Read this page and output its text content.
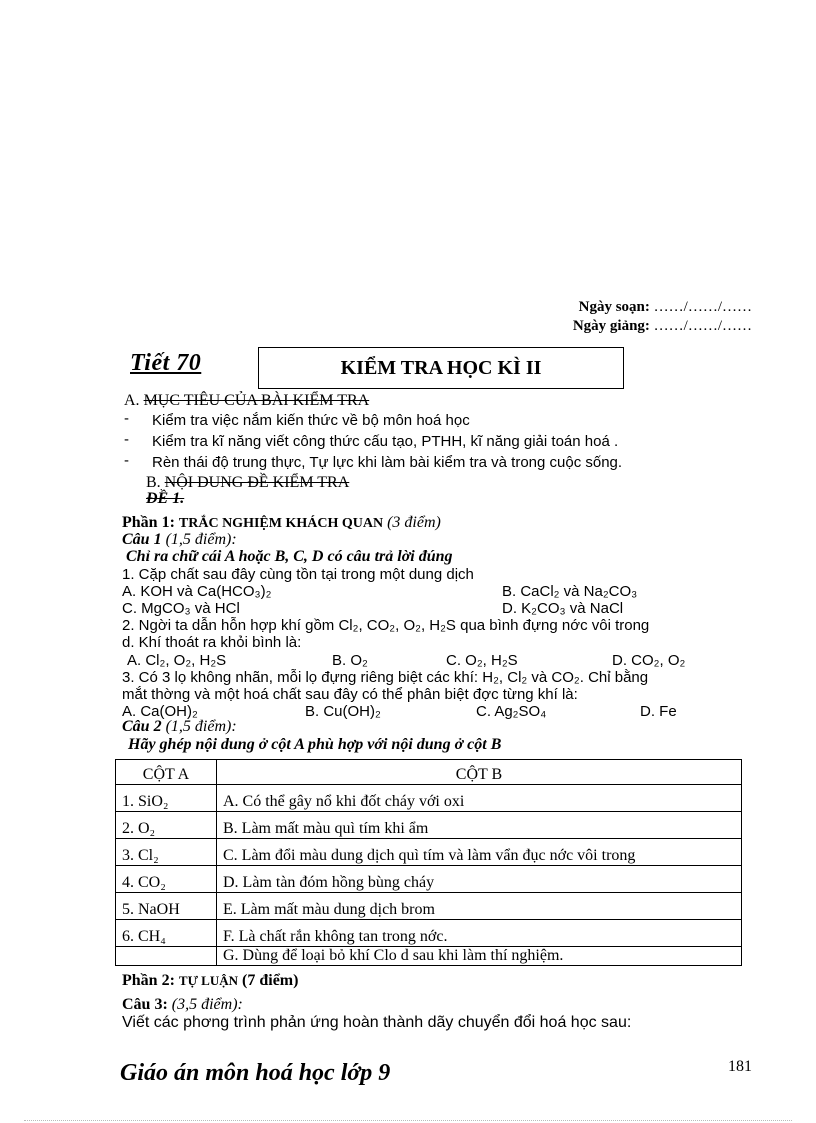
Ngày soạn: ……/……/……
Ngày giảng: ……/……/……
Tiết 70	KIỂM TRA HỌC KÌ II
A. MỤC TIÊU CỦA BÀI KIỂM TRA
- Kiểm tra việc nắm kiến thức về bộ môn hoá học
- Kiểm tra kĩ năng viết công thức cấu tạo, PTHH, kĩ năng giải toán hoá .
- Rèn thái độ trung thực, Tự lực khi làm bài kiểm tra và trong cuộc sống.
B. NỘI DUNG ĐỀ KIỂM TRA
ĐỀ 1.
Phần 1: TRẮC NGHIỆM KHÁCH QUAN (3 điểm)
Câu 1 (1,5 điểm):
Chỉ ra chữ cái A hoặc B, C, D có câu trả lời đúng
1. Cặp chất sau đây cùng tồn tại trong một dung dịch
A. KOH và Ca(HCO₃)₂	B. CaCl₂ và Na₂CO₃
C. MgCO₃ và HCl	D. K₂CO₃ và NaCl
2. Ngời ta dẫn hỗn hợp khí gồm Cl₂, CO₂, O₂, H₂S qua bình đựng nớc vôi trong
d. Khí thoát ra khỏi bình là:
A. Cl₂, O₂, H₂S	B. O₂	C. O₂, H₂S	D. CO₂, O₂
3. Có 3 lọ không nhãn, mỗi lọ đựng riêng biệt các khí: H₂, Cl₂ và CO₂. Chỉ bằng
mắt thờng và một hoá chất sau đây có thể phân biệt đợc từng khí là:
A. Ca(OH)₂	B. Cu(OH)₂	C. Ag₂SO₄	D. Fe
Câu 2 (1,5 điểm):
Hãy ghép nội dung ở cột A phù hợp với nội dung ở cột B
CỘT A	CỘT B
1. SiO₂	A. Có thể gây nổ khi đốt cháy với oxi
2. O₂	B. Làm mất màu quì tím khi ẩm
3. Cl₂	C. Làm đổi màu dung dịch quì tím và làm vẩn đục nớc vôi trong
4. CO₂	D. Làm tàn đóm hồng bùng cháy
5. NaOH	E. Làm mất màu dung dịch brom
6. CH₄	F. Là chất rắn không tan trong nớc.
	G. Dùng để loại bỏ khí Clo d sau khi làm thí nghiệm.
Phần 2: TỰ LUẬN (7 điểm)
Câu 3: (3,5 điểm):
Viết các phơng trình phản ứng hoàn thành dãy chuyển đổi hoá học sau:
Giáo án môn hoá học lớp 9	181
